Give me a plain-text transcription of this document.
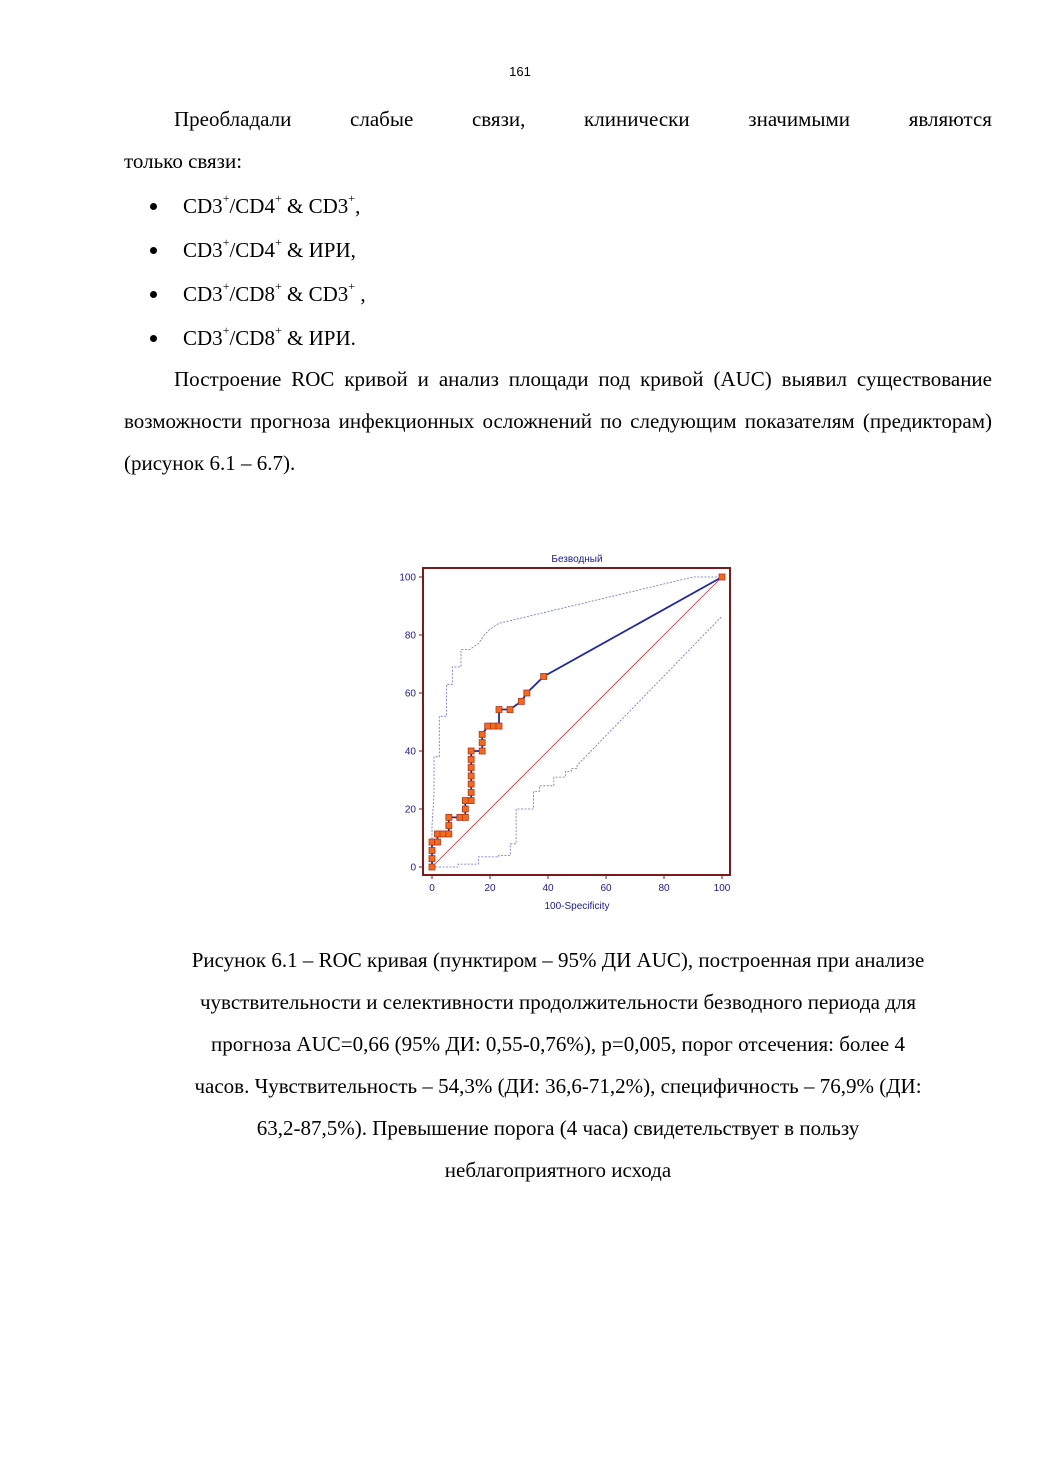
161
Преобладали	слабые	связи,	клинически	значимыми	являются
только связи:
CD3+/CD4+ & CD3+,
CD3+/CD4+ & ИРИ,
CD3+/CD8+ & CD3+ ,
CD3+/CD8+ & ИРИ.
Построение ROC кривой и анализ площади под кривой (AUC) выявил существование возможности прогноза инфекционных осложнений по следующим показателям (предикторам) (рисунок 6.1 – 6.7).
Безводный
0
20
40
60
80
100
0	20	40	60	80	100
100-Specificity
Рисунок 6.1 – ROC кривая (пунктиром – 95% ДИ AUC), построенная при анализе
чувствительности и селективности продолжительности безводного периода для
прогноза AUC=0,66 (95% ДИ: 0,55-0,76%), p=0,005, порог отсечения: более 4
часов. Чувствительность – 54,3% (ДИ: 36,6-71,2%), специфичность – 76,9% (ДИ:
63,2-87,5%). Превышение порога (4 часа) свидетельствует в пользу
неблагоприятного исхода
